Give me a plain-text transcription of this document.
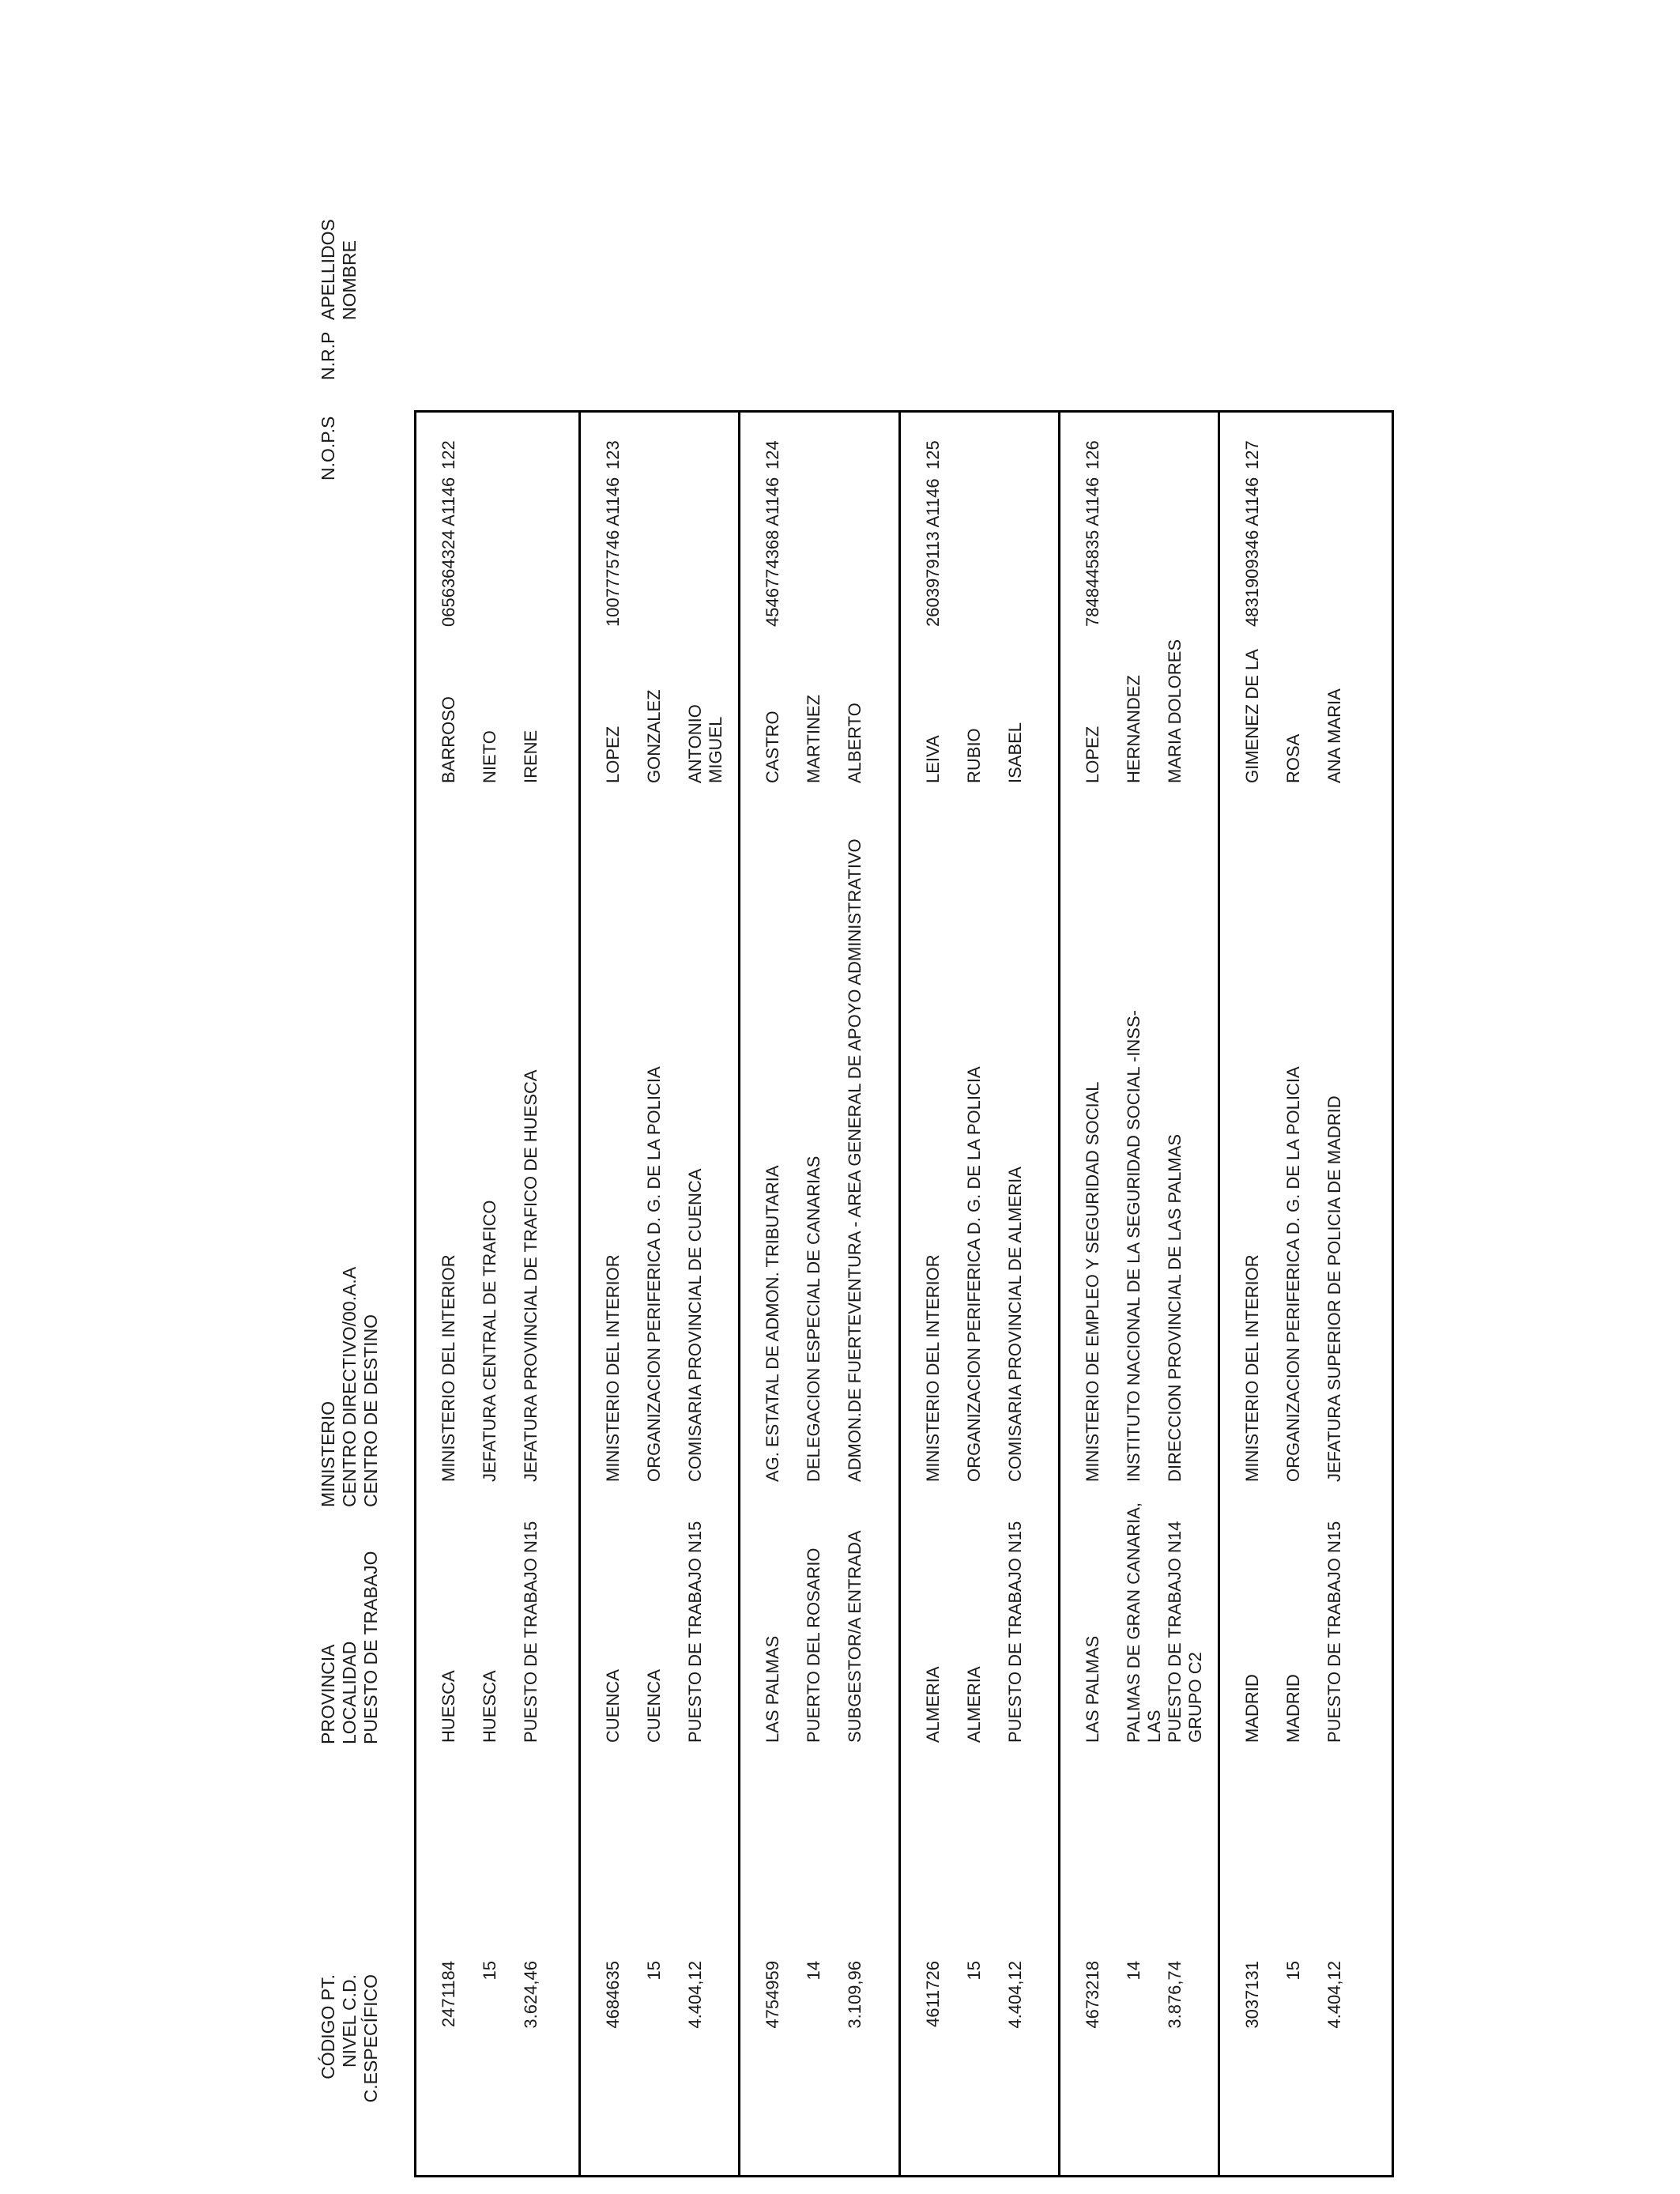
N.O.P.S
N.R.P
APELLIDOS NOMBRE
MINISTERIO CENTRO DIRECTIVO/00.A.A CENTRO DE DESTINO
PROVINCIA LOCALIDAD PUESTO DE TRABAJO
CÓDIGO PT. NIVEL C.D. C.ESPECÍFICO
122
0656364324 A1146
BARROSO NIETO IRENE
MINISTERIO DEL INTERIOR JEFATURA CENTRAL DE TRAFICO JEFATURA PROVINCIAL DE TRAFICO DE HUESCA
HUESCA HUESCA PUESTO DE TRABAJO N15
2471184 15 3.624,46
123
1007775746 A1146
LOPEZ GONZALEZ ANTONIO MIGUEL
MINISTERIO DEL INTERIOR ORGANIZACION PERIFERICA D. G. DE LA POLICIA COMISARIA PROVINCIAL DE CUENCA
CUENCA CUENCA PUESTO DE TRABAJO N15
4684635 15 4.404,12
124
4546774368 A1146
CASTRO MARTINEZ ALBERTO
AG. ESTATAL DE ADMON. TRIBUTARIA DELEGACION ESPECIAL DE CANARIAS ADMON.DE FUERTEVENTURA - AREA GENERAL DE APOYO ADMINISTRATIVO
LAS PALMAS PUERTO DEL ROSARIO SUBGESTOR/A ENTRADA
4754959 14 3.109,96
125
2603979113 A1146
LEIVA RUBIO ISABEL
MINISTERIO DEL INTERIOR ORGANIZACION PERIFERICA D. G. DE LA POLICIA COMISARIA PROVINCIAL DE ALMERIA
ALMERIA ALMERIA PUESTO DE TRABAJO N15
4611726 15 4.404,12
126
7848445835 A1146
LOPEZ HERNANDEZ MARIA DOLORES
MINISTERIO DE EMPLEO Y SEGURIDAD SOCIAL INSTITUTO NACIONAL DE LA SEGURIDAD SOCIAL -INSS- DIRECCION PROVINCIAL DE LAS PALMAS
LAS PALMAS PALMAS DE GRAN CANARIA, LAS PUESTO DE TRABAJO N14 GRUPO C2
4673218 14 3.876,74
127
4831909346 A1146
GIMENEZ DE LA ROSA ANA MARIA
MINISTERIO DEL INTERIOR ORGANIZACION PERIFERICA D. G. DE LA POLICIA JEFATURA SUPERIOR DE POLICIA DE MADRID
MADRID MADRID PUESTO DE TRABAJO N15
3037131 15 4.404,12
